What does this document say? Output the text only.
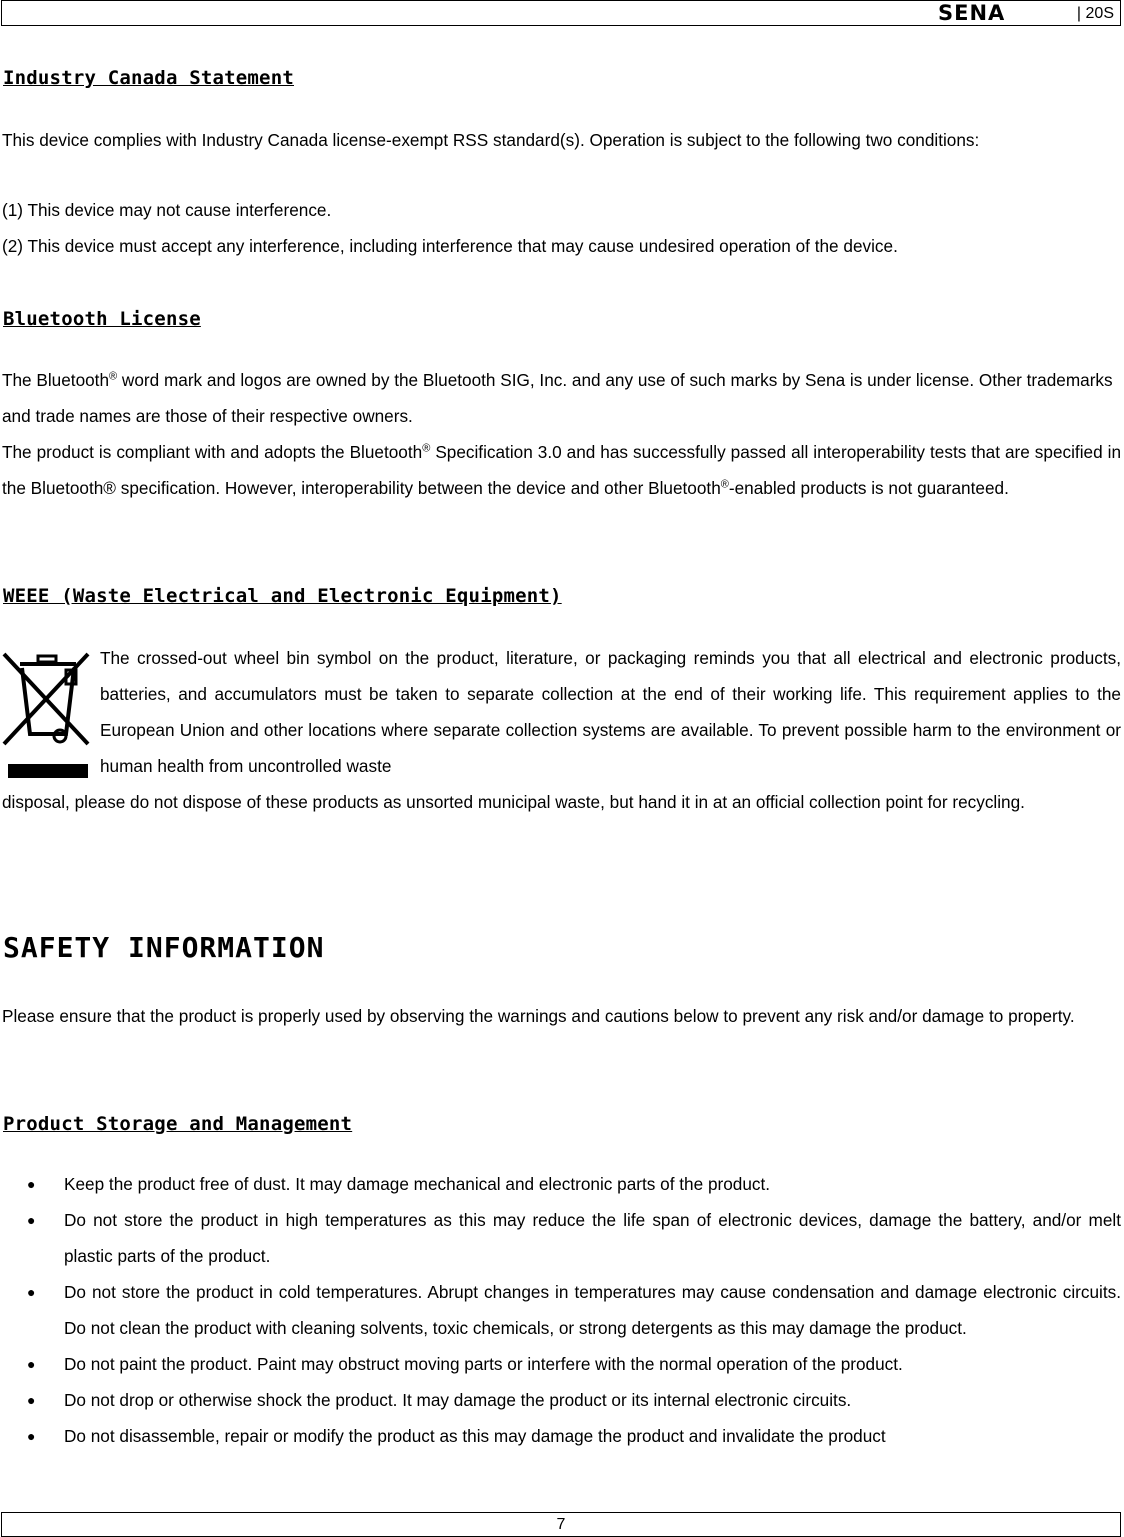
SENA	| 20S
Industry Canada Statement

This device complies with Industry Canada license-exempt RSS standard(s). Operation is subject to the following two conditions:

(1) This device may not cause interference.

(2) This device must accept any interference, including interference that may cause undesired operation of the device.

Bluetooth License

The Bluetooth® word mark and logos are owned by the Bluetooth SIG, Inc. and any use of such marks by Sena is under license. Other trademarks and trade names are those of their respective owners.

The product is compliant with and adopts the Bluetooth® Specification 3.0 and has successfully passed all interoperability tests that are specified in the Bluetooth® specification. However, interoperability between the device and other Bluetooth®-enabled products is not guaranteed.

WEEE (Waste Electrical and Electronic Equipment)

The crossed-out wheel bin symbol on the product, literature, or packaging reminds you that all electrical and electronic products, batteries, and accumulators must be taken to separate collection at the end of their working life. This requirement applies to the European Union and other locations where separate collection systems are available. To prevent possible harm to the environment or human health from uncontrolled waste

disposal, please do not dispose of these products as unsorted municipal waste, but hand it in at an official collection point for recycling.

SAFETY INFORMATION

Please ensure that the product is properly used by observing the warnings and cautions below to prevent any risk and/or damage to property.

Product Storage and Management
● Keep the product free of dust. It may damage mechanical and electronic parts of the product.
● Do not store the product in high temperatures as this may reduce the life span of electronic devices, damage the battery, and/or melt plastic parts of the product.
● Do not store the product in cold temperatures. Abrupt changes in temperatures may cause condensation and damage electronic circuits. Do not clean the product with cleaning solvents, toxic chemicals, or strong detergents as this may damage the product.
● Do not paint the product. Paint may obstruct moving parts or interfere with the normal operation of the product.
● Do not drop or otherwise shock the product. It may damage the product or its internal electronic circuits.
● Do not disassemble, repair or modify the product as this may damage the product and invalidate the product
7
